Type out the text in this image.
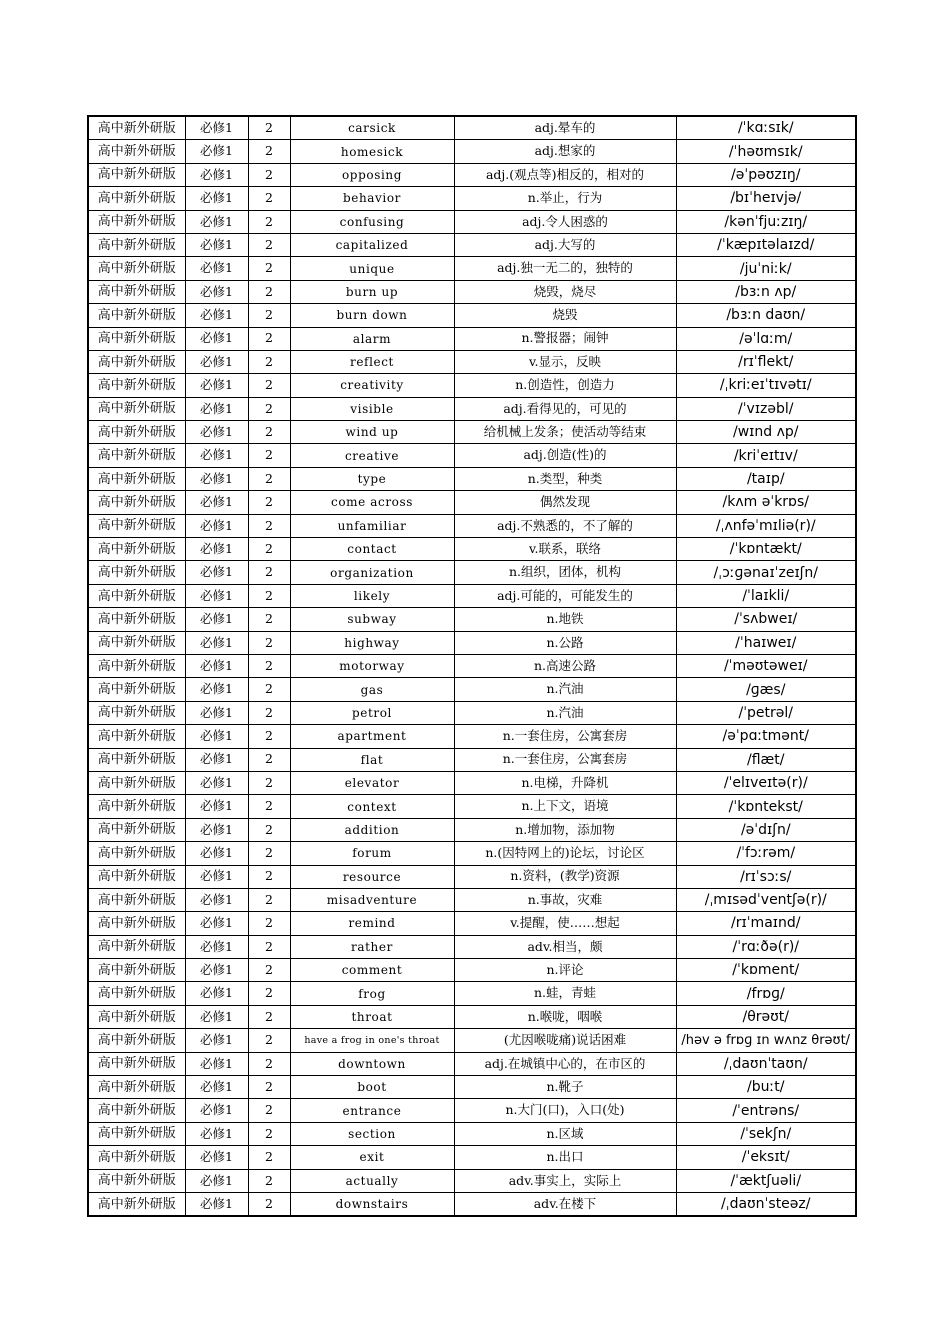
高中新外研版	必修1	2	carsick	adj.晕车的	/ˈkɑːsɪk/
高中新外研版	必修1	2	homesick	adj.想家的	/ˈhəʊmsɪk/
高中新外研版	必修1	2	opposing	adj.(观点等)相反的，相对的	/əˈpəʊzɪŋ/
高中新外研版	必修1	2	behavior	n.举止，行为	/bɪˈheɪvjə/
高中新外研版	必修1	2	confusing	adj.令人困惑的	/kənˈfjuːzɪŋ/
高中新外研版	必修1	2	capitalized	adj.大写的	/ˈkæpɪtəlaɪzd/
高中新外研版	必修1	2	unique	adj.独一无二的，独特的	/juˈniːk/
高中新外研版	必修1	2	burn up	烧毁，烧尽	/bɜːn ʌp/
高中新外研版	必修1	2	burn down	烧毁	/bɜːn daʊn/
高中新外研版	必修1	2	alarm	n.警报器；闹钟	/əˈlɑːm/
高中新外研版	必修1	2	reflect	v.显示，反映	/rɪˈflekt/
高中新外研版	必修1	2	creativity	n.创造性，创造力	/ˌkriːeɪˈtɪvətɪ/
高中新外研版	必修1	2	visible	adj.看得见的，可见的	/ˈvɪzəbl/
高中新外研版	必修1	2	wind up	给机械上发条；使活动等结束	/wɪnd ʌp/
高中新外研版	必修1	2	creative	adj.创造(性)的	/kriˈeɪtɪv/
高中新外研版	必修1	2	type	n.类型，种类	/taɪp/
高中新外研版	必修1	2	come across	偶然发现	/kʌm əˈkrɒs/
高中新外研版	必修1	2	unfamiliar	adj.不熟悉的，不了解的	/ˌʌnfəˈmɪliə(r)/
高中新外研版	必修1	2	contact	v.联系，联络	/ˈkɒntækt/
高中新外研版	必修1	2	organization	n.组织，团体，机构	/ˌɔːɡənaɪˈzeɪʃn/
高中新外研版	必修1	2	likely	adj.可能的，可能发生的	/ˈlaɪkli/
高中新外研版	必修1	2	subway	n.地铁	/ˈsʌbweɪ/
高中新外研版	必修1	2	highway	n.公路	/ˈhaɪweɪ/
高中新外研版	必修1	2	motorway	n.高速公路	/ˈməʊtəweɪ/
高中新外研版	必修1	2	gas	n.汽油	/ɡæs/
高中新外研版	必修1	2	petrol	n.汽油	/ˈpetrəl/
高中新外研版	必修1	2	apartment	n.一套住房，公寓套房	/əˈpɑːtmənt/
高中新外研版	必修1	2	flat	n.一套住房，公寓套房	/flæt/
高中新外研版	必修1	2	elevator	n.电梯，升降机	/ˈelɪveɪtə(r)/
高中新外研版	必修1	2	context	n.上下文，语境	/ˈkɒntekst/
高中新外研版	必修1	2	addition	n.增加物，添加物	/əˈdɪʃn/
高中新外研版	必修1	2	forum	n.(因特网上的)论坛，讨论区	/ˈfɔːrəm/
高中新外研版	必修1	2	resource	n.资料，(教学)资源	/rɪˈsɔːs/
高中新外研版	必修1	2	misadventure	n.事故，灾难	/ˌmɪsədˈventʃə(r)/
高中新外研版	必修1	2	remind	v.提醒，使……想起	/rɪˈmaɪnd/
高中新外研版	必修1	2	rather	adv.相当，颇	/ˈrɑːðə(r)/
高中新外研版	必修1	2	comment	n.评论	/ˈkɒment/
高中新外研版	必修1	2	frog	n.蛙，青蛙	/frɒɡ/
高中新外研版	必修1	2	throat	n.喉咙，咽喉	/θrəʊt/
高中新外研版	必修1	2	have a frog in one's throat	(尤因喉咙痛)说话困难	/həv ə frɒɡ ɪn wʌnz θrəʊt/
高中新外研版	必修1	2	downtown	adj.在城镇中心的，在市区的	/ˌdaʊnˈtaʊn/
高中新外研版	必修1	2	boot	n.靴子	/buːt/
高中新外研版	必修1	2	entrance	n.大门(口)，入口(处)	/ˈentrəns/
高中新外研版	必修1	2	section	n.区域	/ˈsekʃn/
高中新外研版	必修1	2	exit	n.出口	/ˈeksɪt/
高中新外研版	必修1	2	actually	adv.事实上，实际上	/ˈæktʃuəli/
高中新外研版	必修1	2	downstairs	adv.在楼下	/ˌdaʊnˈsteəz/
